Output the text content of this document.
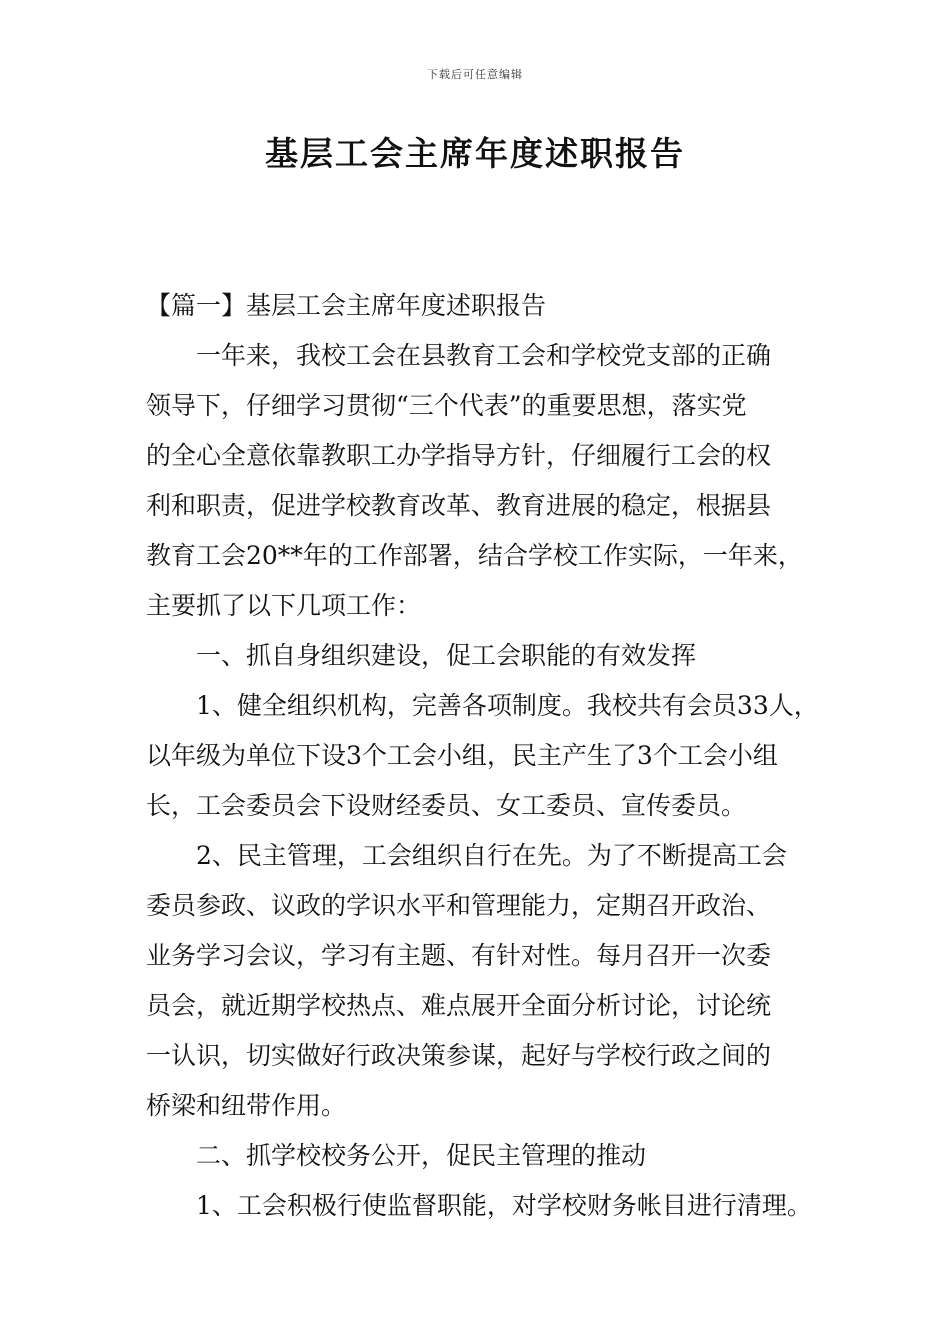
下载后可任意编辑
基层工会主席年度述职报告
【篇一】基层工会主席年度述职报告
一年来，我校工会在县教育工会和学校党支部的正确
领导下，仔细学习贯彻“三个代表”的重要思想，落实党
的全心全意依靠教职工办学指导方针，仔细履行工会的权
利和职责，促进学校教育改革、教育进展的稳定，根据县
教育工会20**年的工作部署，结合学校工作实际，一年来，
主要抓了以下几项工作：
一、抓自身组织建设，促工会职能的有效发挥
1、健全组织机构，完善各项制度。我校共有会员33人，
以年级为单位下设3个工会小组，民主产生了3个工会小组
长，工会委员会下设财经委员、女工委员、宣传委员。
2、民主管理，工会组织自行在先。为了不断提高工会
委员参政、议政的学识水平和管理能力，定期召开政治、
业务学习会议，学习有主题、有针对性。每月召开一次委
员会，就近期学校热点、难点展开全面分析讨论，讨论统
一认识，切实做好行政决策参谋，起好与学校行政之间的
桥梁和纽带作用。
二、抓学校校务公开，促民主管理的推动
1、工会积极行使监督职能，对学校财务帐目进行清理。
